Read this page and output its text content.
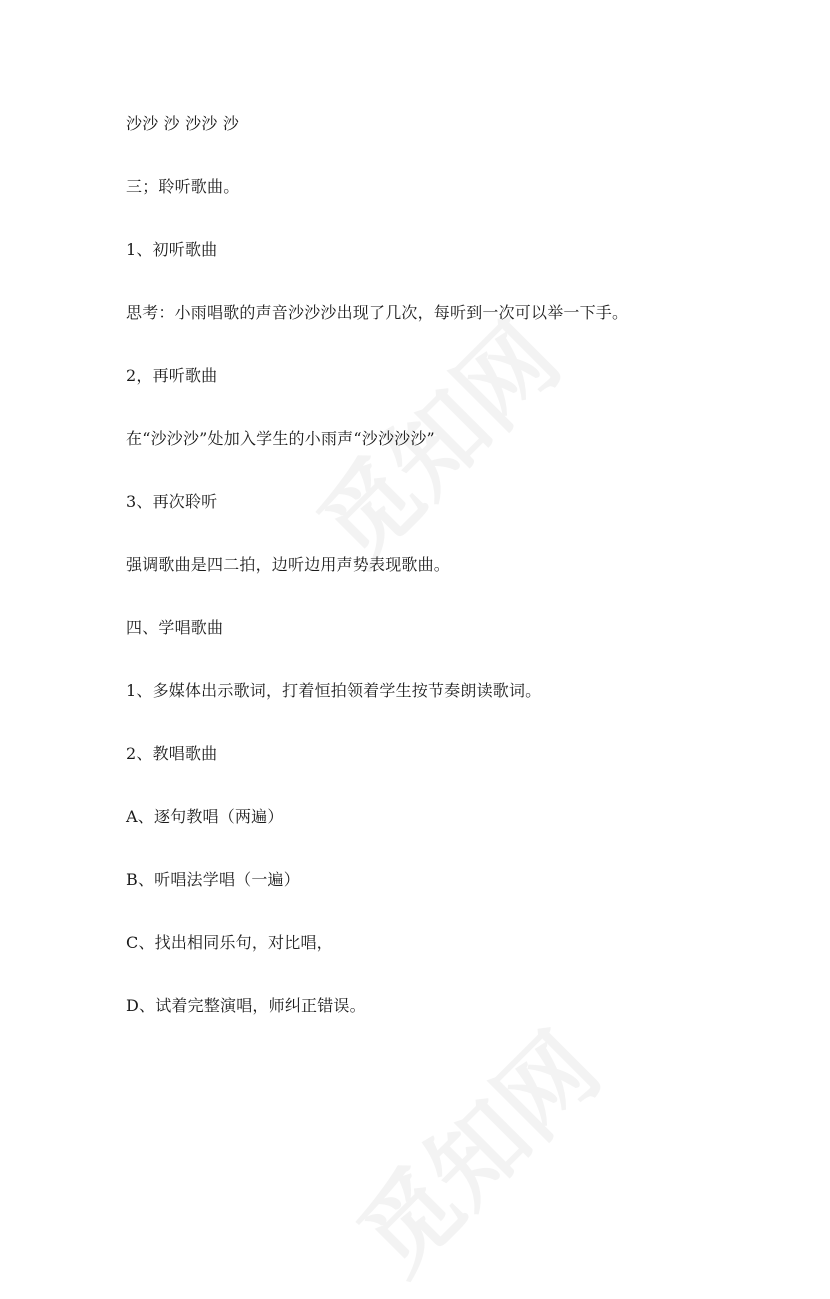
沙沙 沙 沙沙 沙
三；聆听歌曲。
1、初听歌曲
思考：小雨唱歌的声音沙沙沙出现了几次，每听到一次可以举一下手。
2，再听歌曲
在“沙沙沙”处加入学生的小雨声“沙沙沙沙”
3、再次聆听
强调歌曲是四二拍，边听边用声势表现歌曲。
四、学唱歌曲
1、多媒体出示歌词，打着恒拍领着学生按节奏朗读歌词。
2、教唱歌曲
A、逐句教唱（两遍）
B、听唱法学唱（一遍）
C、找出相同乐句，对比唱，
D、试着完整演唱，师纠正错误。
